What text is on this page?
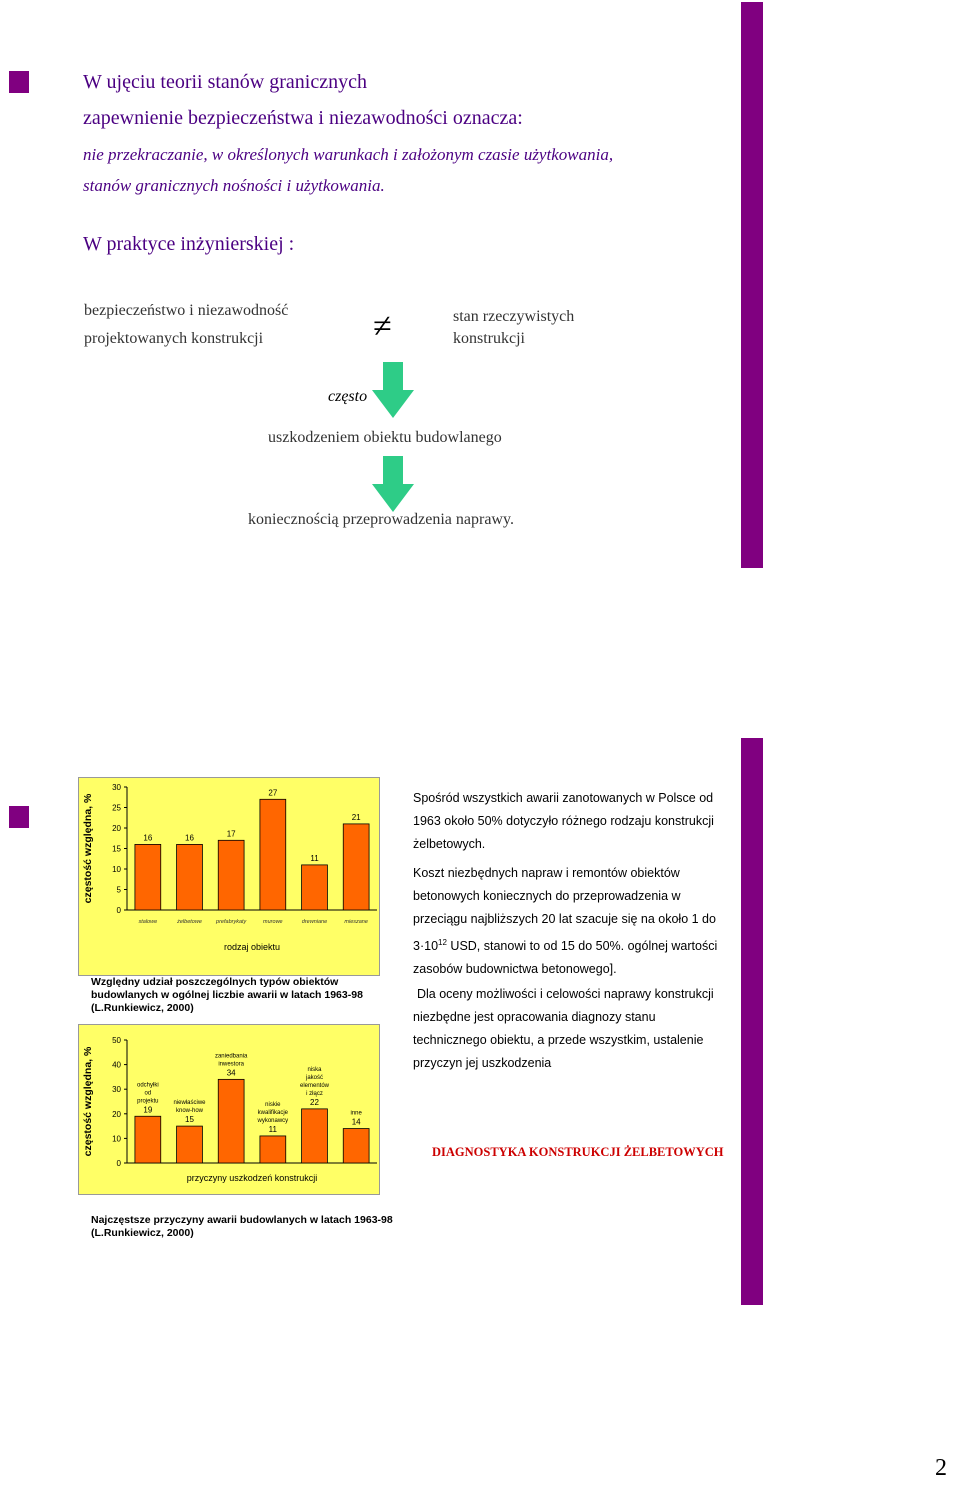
W ujęciu teorii stanów granicznych
zapewnienie bezpieczeństwa i niezawodności oznacza:
nie przekraczanie, w określonych warunkach i założonym czasie użytkowania,
stanów granicznych nośności i użytkowania.
W praktyce inżynierskiej :
bezpieczeństwo i niezawodność
projektowanych konstrukcji	≠	stan rzeczywistych
konstrukcji
często
uszkodzeniem obiektu budowlanego
koniecznością przeprowadzenia naprawy.
częstość względna, %
0
5
10
15
20
25
30
16
stalowe
16
żelbetowe
17
prefabrykaty
27
murowe
11
drewniane
21
mieszane
rodzaj obiektu
Względny udział poszczególnych typów obiektów
budowlanych w ogólnej liczbie awarii w latach 1963-98
(L.Runkiewicz, 2000)
częstość względna, %
0
10
20
30
40
50
19
odchyłki
od
projektu
15
niewłaściwe
know-how
34
zaniedbania
inwestora
11
niskie
kwalifikacje
wykonawcy
22
niska
jakość
elementów
i złącz
14
inne
przyczyny uszkodzeń konstrukcji
Najczęstsze przyczyny awarii budowlanych w latach 1963-98
(L.Runkiewicz, 2000)
Spośród wszystkich awarii zanotowanych w Polsce od
1963 około 50% dotyczyło różnego rodzaju konstrukcji
żelbetowych.
Koszt niezbędnych napraw i remontów obiektów
betonowych koniecznych do przeprowadzenia w
przeciągu najbliższych 20 lat szacuje się na około 1 do
$3\cdot 10^{12}$ USD, stanowi to od 15 do 50%. ogólnej wartości
zasobów budownictwa betonowego].
Dla oceny możliwości i celowości naprawy konstrukcji
niezbędne jest opracowania diagnozy stanu
technicznego obiektu, a przede wszystkim, ustalenie
przyczyn jej uszkodzenia
DIAGNOSTYKA KONSTRUKCJI ŻELBETOWYCH
2
